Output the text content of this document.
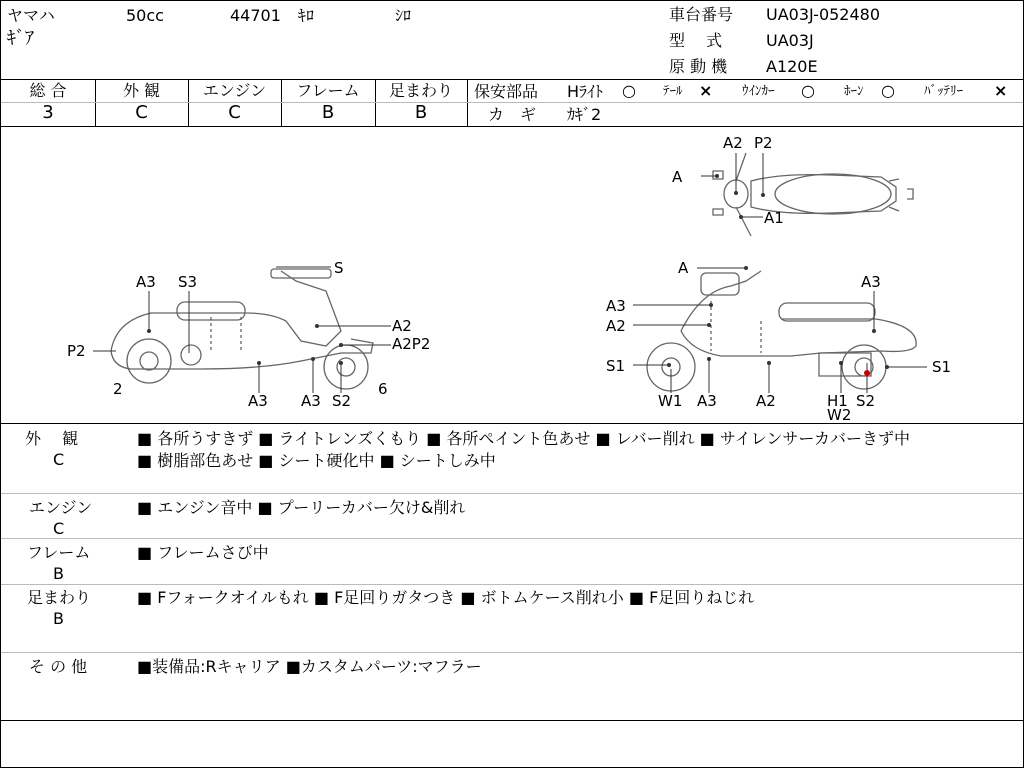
ヤマハ	50cc	44701 ｷﾛ	ｼﾛ
ｷﾞｱ
車台番号 UA03J-052480
型　 式	UA03J
原 動 機 A120E
総 合
3
外 観
C
エンジン
C
フレーム
B
足まわり
B
保安部品 Hﾗｲﾄ ○ ﾃｰﾙ × ｳｲﾝｶｰ ○ ﾎｰﾝ ○ ﾊﾞｯﾃﾘｰ ×
カ　ギ ｶｷﾞ2
A2 P2
A
A1
A3 S3
S
A2
A2P2
P2
2
A3 A3 S2
6
A
A3
A3
A2
S1
W1 A3	A2	H1
W2
S2
S1
外　 観
C
■ 各所うすきず ■ ライトレンズくもり ■ 各所ペイント色あせ ■ レバー削れ ■ サイレンサーカバーきず中
■ 樹脂部色あせ ■ シート硬化中 ■ シートしみ中
エンジン
C
■ エンジン音中 ■ プーリーカバー欠け&削れ
フレーム
B
■ フレームさび中
足まわり
B
■ Fフォークオイルもれ ■ F足回りガタつき ■ ボトムケース削れ小 ■ F足回りねじれ
そ の 他	■装備品:Rキャリア ■カスタムパーツ:マフラー
